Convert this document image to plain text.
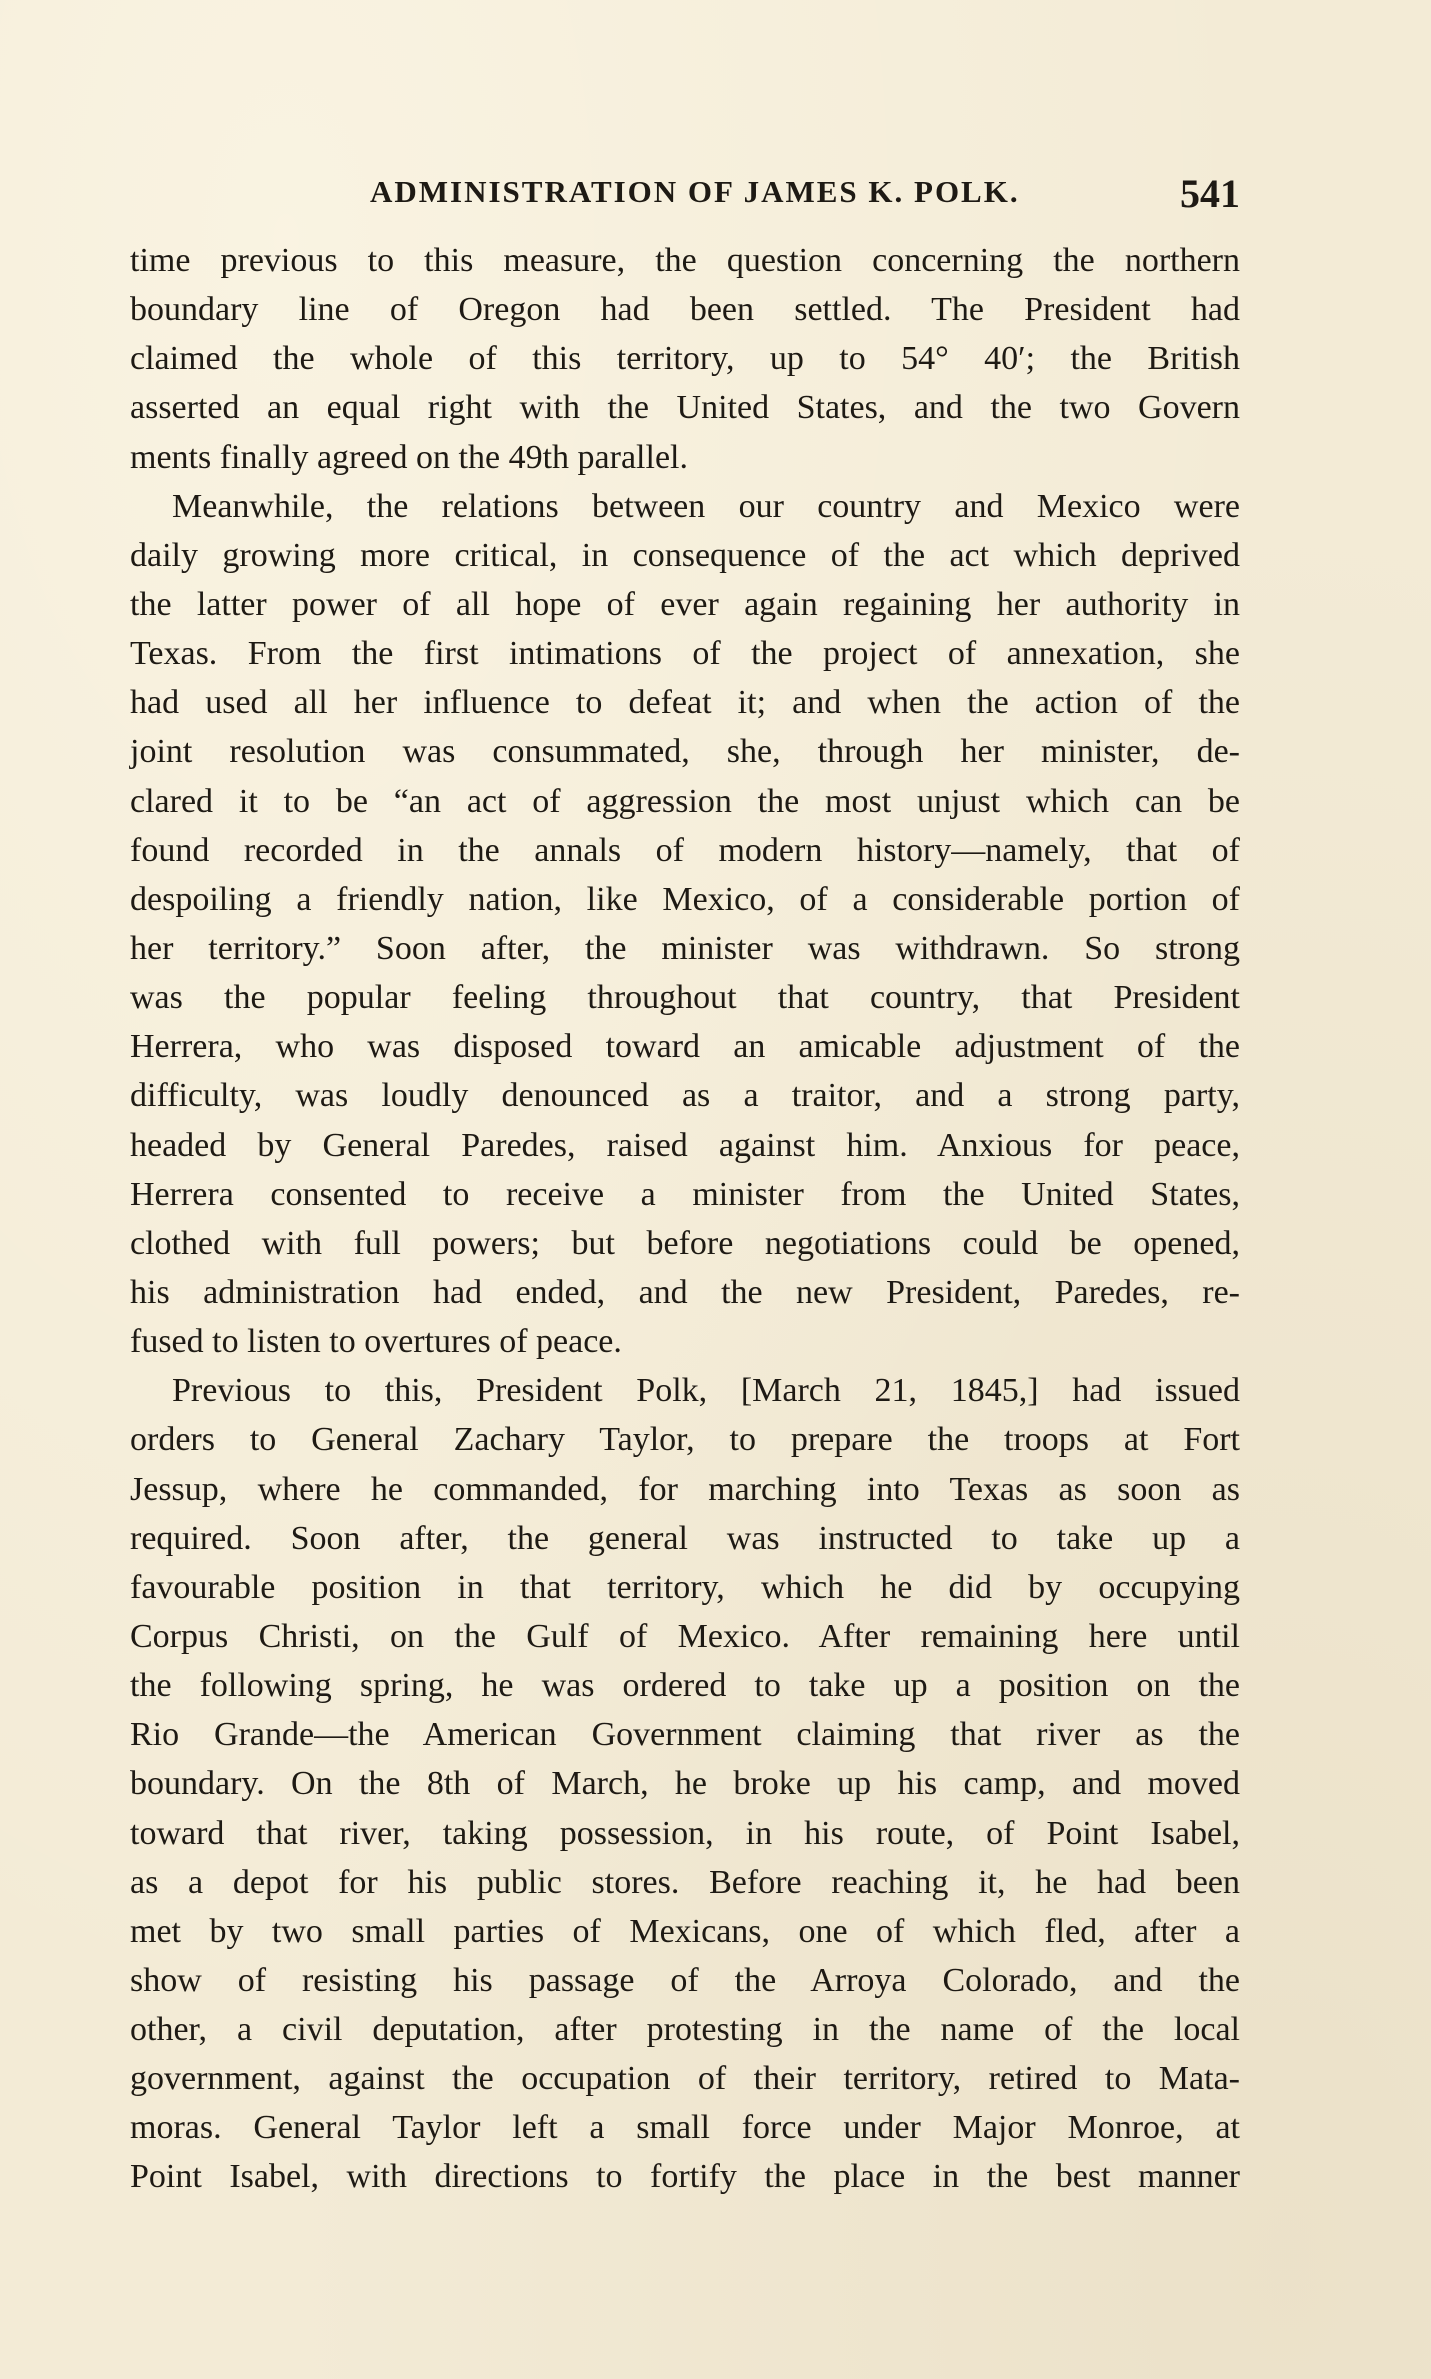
ADMINISTRATION OF JAMES K. POLK.	541
time previous to this measure, the question concerning the northern
boundary line of Oregon had been settled. The President had
claimed the whole of this territory, up to 54° 40′; the British
asserted an equal right with the United States, and the two Govern
ments finally agreed on the 49th parallel.
Meanwhile, the relations between our country and Mexico were
daily growing more critical, in consequence of the act which deprived
the latter power of all hope of ever again regaining her authority in
Texas. From the first intimations of the project of annexation, she
had used all her influence to defeat it; and when the action of the
joint resolution was consummated, she, through her minister, de-
clared it to be “an act of aggression the most unjust which can be
found recorded in the annals of modern history—namely, that of
despoiling a friendly nation, like Mexico, of a considerable portion of
her territory.” Soon after, the minister was withdrawn. So strong
was the popular feeling throughout that country, that President
Herrera, who was disposed toward an amicable adjustment of the
difficulty, was loudly denounced as a traitor, and a strong party,
headed by General Paredes, raised against him. Anxious for peace,
Herrera consented to receive a minister from the United States,
clothed with full powers; but before negotiations could be opened,
his administration had ended, and the new President, Paredes, re-
fused to listen to overtures of peace.
Previous to this, President Polk, [March 21, 1845,] had issued
orders to General Zachary Taylor, to prepare the troops at Fort
Jessup, where he commanded, for marching into Texas as soon as
required. Soon after, the general was instructed to take up a
favourable position in that territory, which he did by occupying
Corpus Christi, on the Gulf of Mexico. After remaining here until
the following spring, he was ordered to take up a position on the
Rio Grande—the American Government claiming that river as the
boundary. On the 8th of March, he broke up his camp, and moved
toward that river, taking possession, in his route, of Point Isabel,
as a depot for his public stores. Before reaching it, he had been
met by two small parties of Mexicans, one of which fled, after a
show of resisting his passage of the Arroya Colorado, and the
other, a civil deputation, after protesting in the name of the local
government, against the occupation of their territory, retired to Mata-
moras. General Taylor left a small force under Major Monroe, at
Point Isabel, with directions to fortify the place in the best manner
